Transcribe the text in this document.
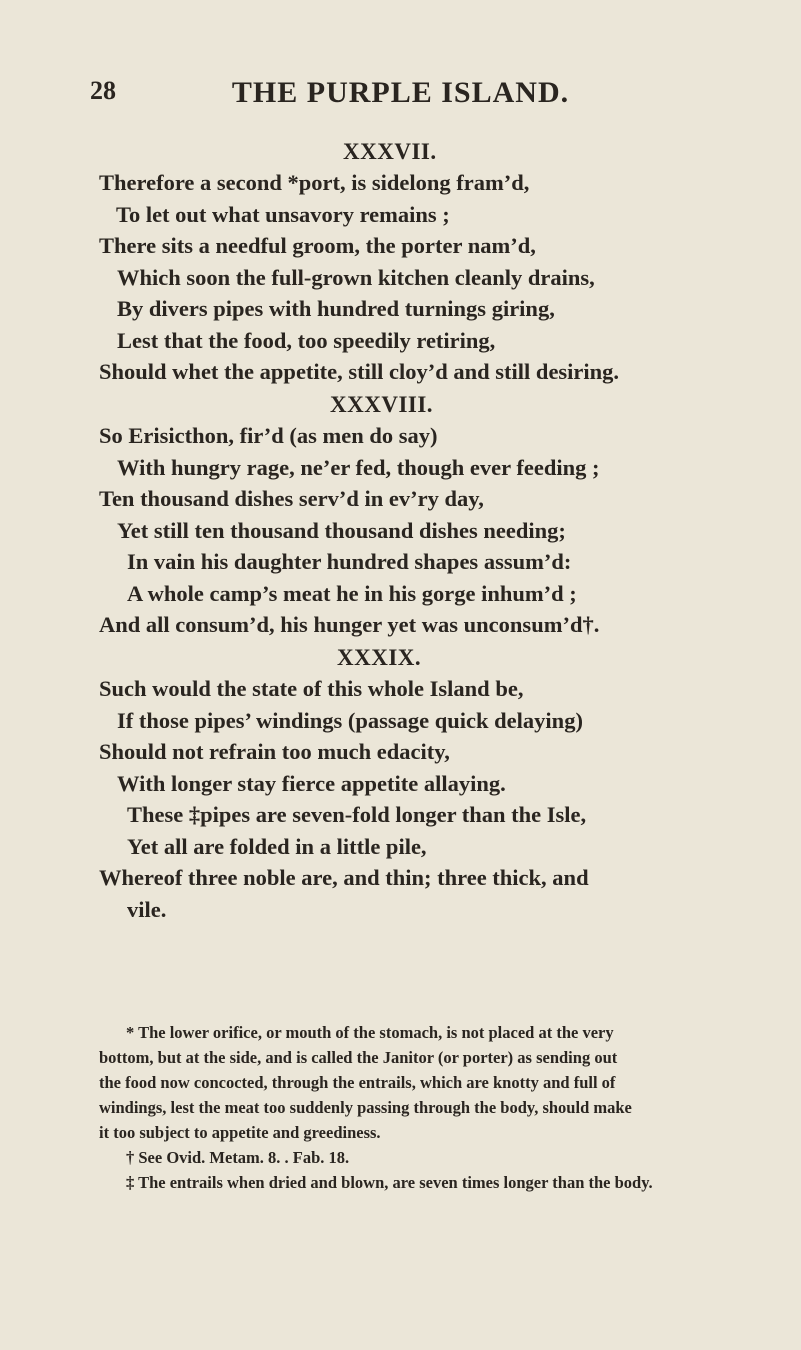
28	THE PURPLE ISLAND.
XXXVII.
Therefore a second *port, is sidelong fram’d,
To let out what unsavory remains ;
There sits a needful groom, the porter nam’d,
Which soon the full-grown kitchen cleanly drains,
By divers pipes with hundred turnings giring,
Lest that the food, too speedily retiring,
Should whet the appetite, still cloy’d and still desiring.
XXXVIII.
So Erisicthon, fir’d (as men do say)
With hungry rage, ne’er fed, though ever feeding ;
Ten thousand dishes serv’d in ev’ry day,
Yet still ten thousand thousand dishes needing;
In vain his daughter hundred shapes assum’d:
A whole camp’s meat he in his gorge inhum’d ;
And all consum’d, his hunger yet was unconsum’d†.
XXXIX.
Such would the state of this whole Island be,
If those pipes’ windings (passage quick delaying)
Should not refrain too much edacity,
With longer stay fierce appetite allaying.
These ‡pipes are seven-fold longer than the Isle,
Yet all are folded in a little pile,
Whereof three noble are, and thin; three thick, and
vile.
* The lower orifice, or mouth of the stomach, is not placed at the very
bottom, but at the side, and is called the Janitor (or porter) as sending out
the food now concocted, through the entrails, which are knotty and full of
windings, lest the meat too suddenly passing through the body, should make
it too subject to appetite and greediness.
† See Ovid. Metam. 8. . Fab. 18.
‡ The entrails when dried and blown, are seven times longer than the body.
